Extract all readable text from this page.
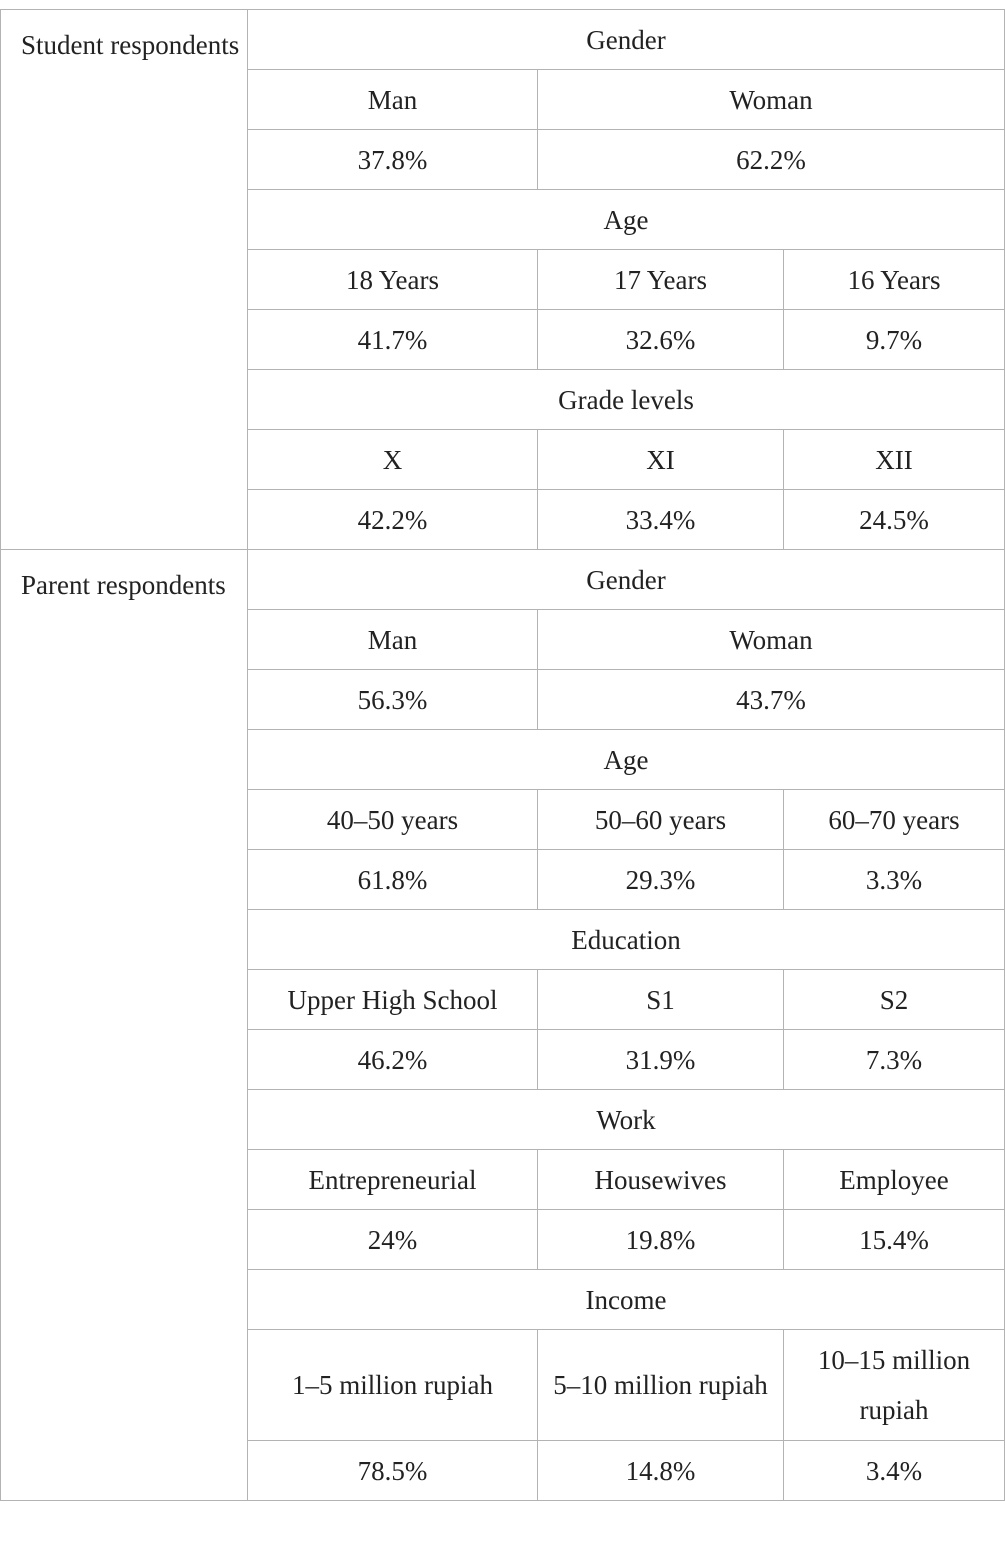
Student respondents	Gender		
	Man	Woman	
	37.8%	62.2%	
	Age		
	18 Years	17 Years	16 Years
	41.7%	32.6%	9.7%
	Grade levels		
	X	XI	XII
	42.2%	33.4%	24.5%
Parent respondents	Gender		
	Man	Woman	
	56.3%	43.7%	
	Age		
	40–50 years	50–60 years	60–70 years
	61.8%	29.3%	3.3%
	Education		
	Upper High School	S1	S2
	46.2%	31.9%	7.3%
	Work		
	Entrepreneurial	Housewives	Employee
	24%	19.8%	15.4%
	Income		
	1–5 million rupiah	5–10 million rupiah	10–15 million rupiah
	78.5%	14.8%	3.4%
